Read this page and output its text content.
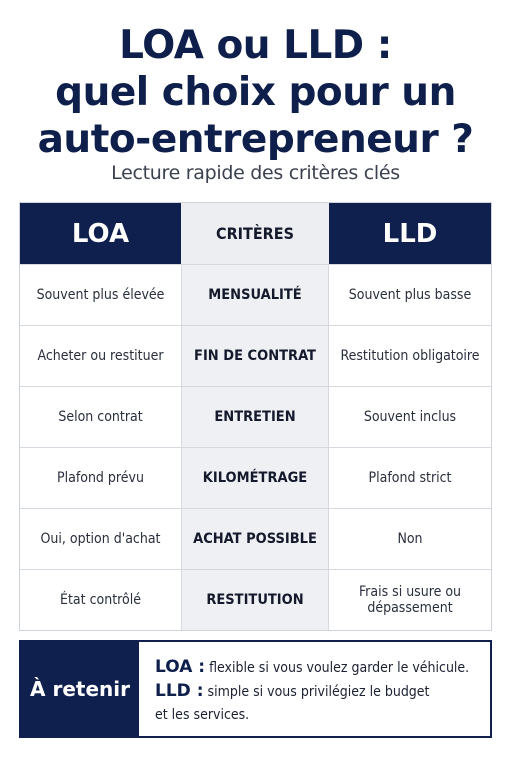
LOA ou LLD :
quel choix pour un
auto-entrepreneur ?
Lecture rapide des critères clés
LOA	CRITÈRES	LLD
Souvent plus élevée	MENSUALITÉ	Souvent plus basse
Acheter ou restituer	FIN DE CONTRAT	Restitution obligatoire
Selon contrat	ENTRETIEN	Souvent inclus
Plafond prévu	KILOMÉTRAGE	Plafond strict
Oui, option d'achat	ACHAT POSSIBLE	Non
État contrôlé	RESTITUTION	Frais si usure ou dépassement
À retenir
LOA : flexible si vous voulez garder le véhicule.
LLD : simple si vous privilégiez le budget
et les services.
